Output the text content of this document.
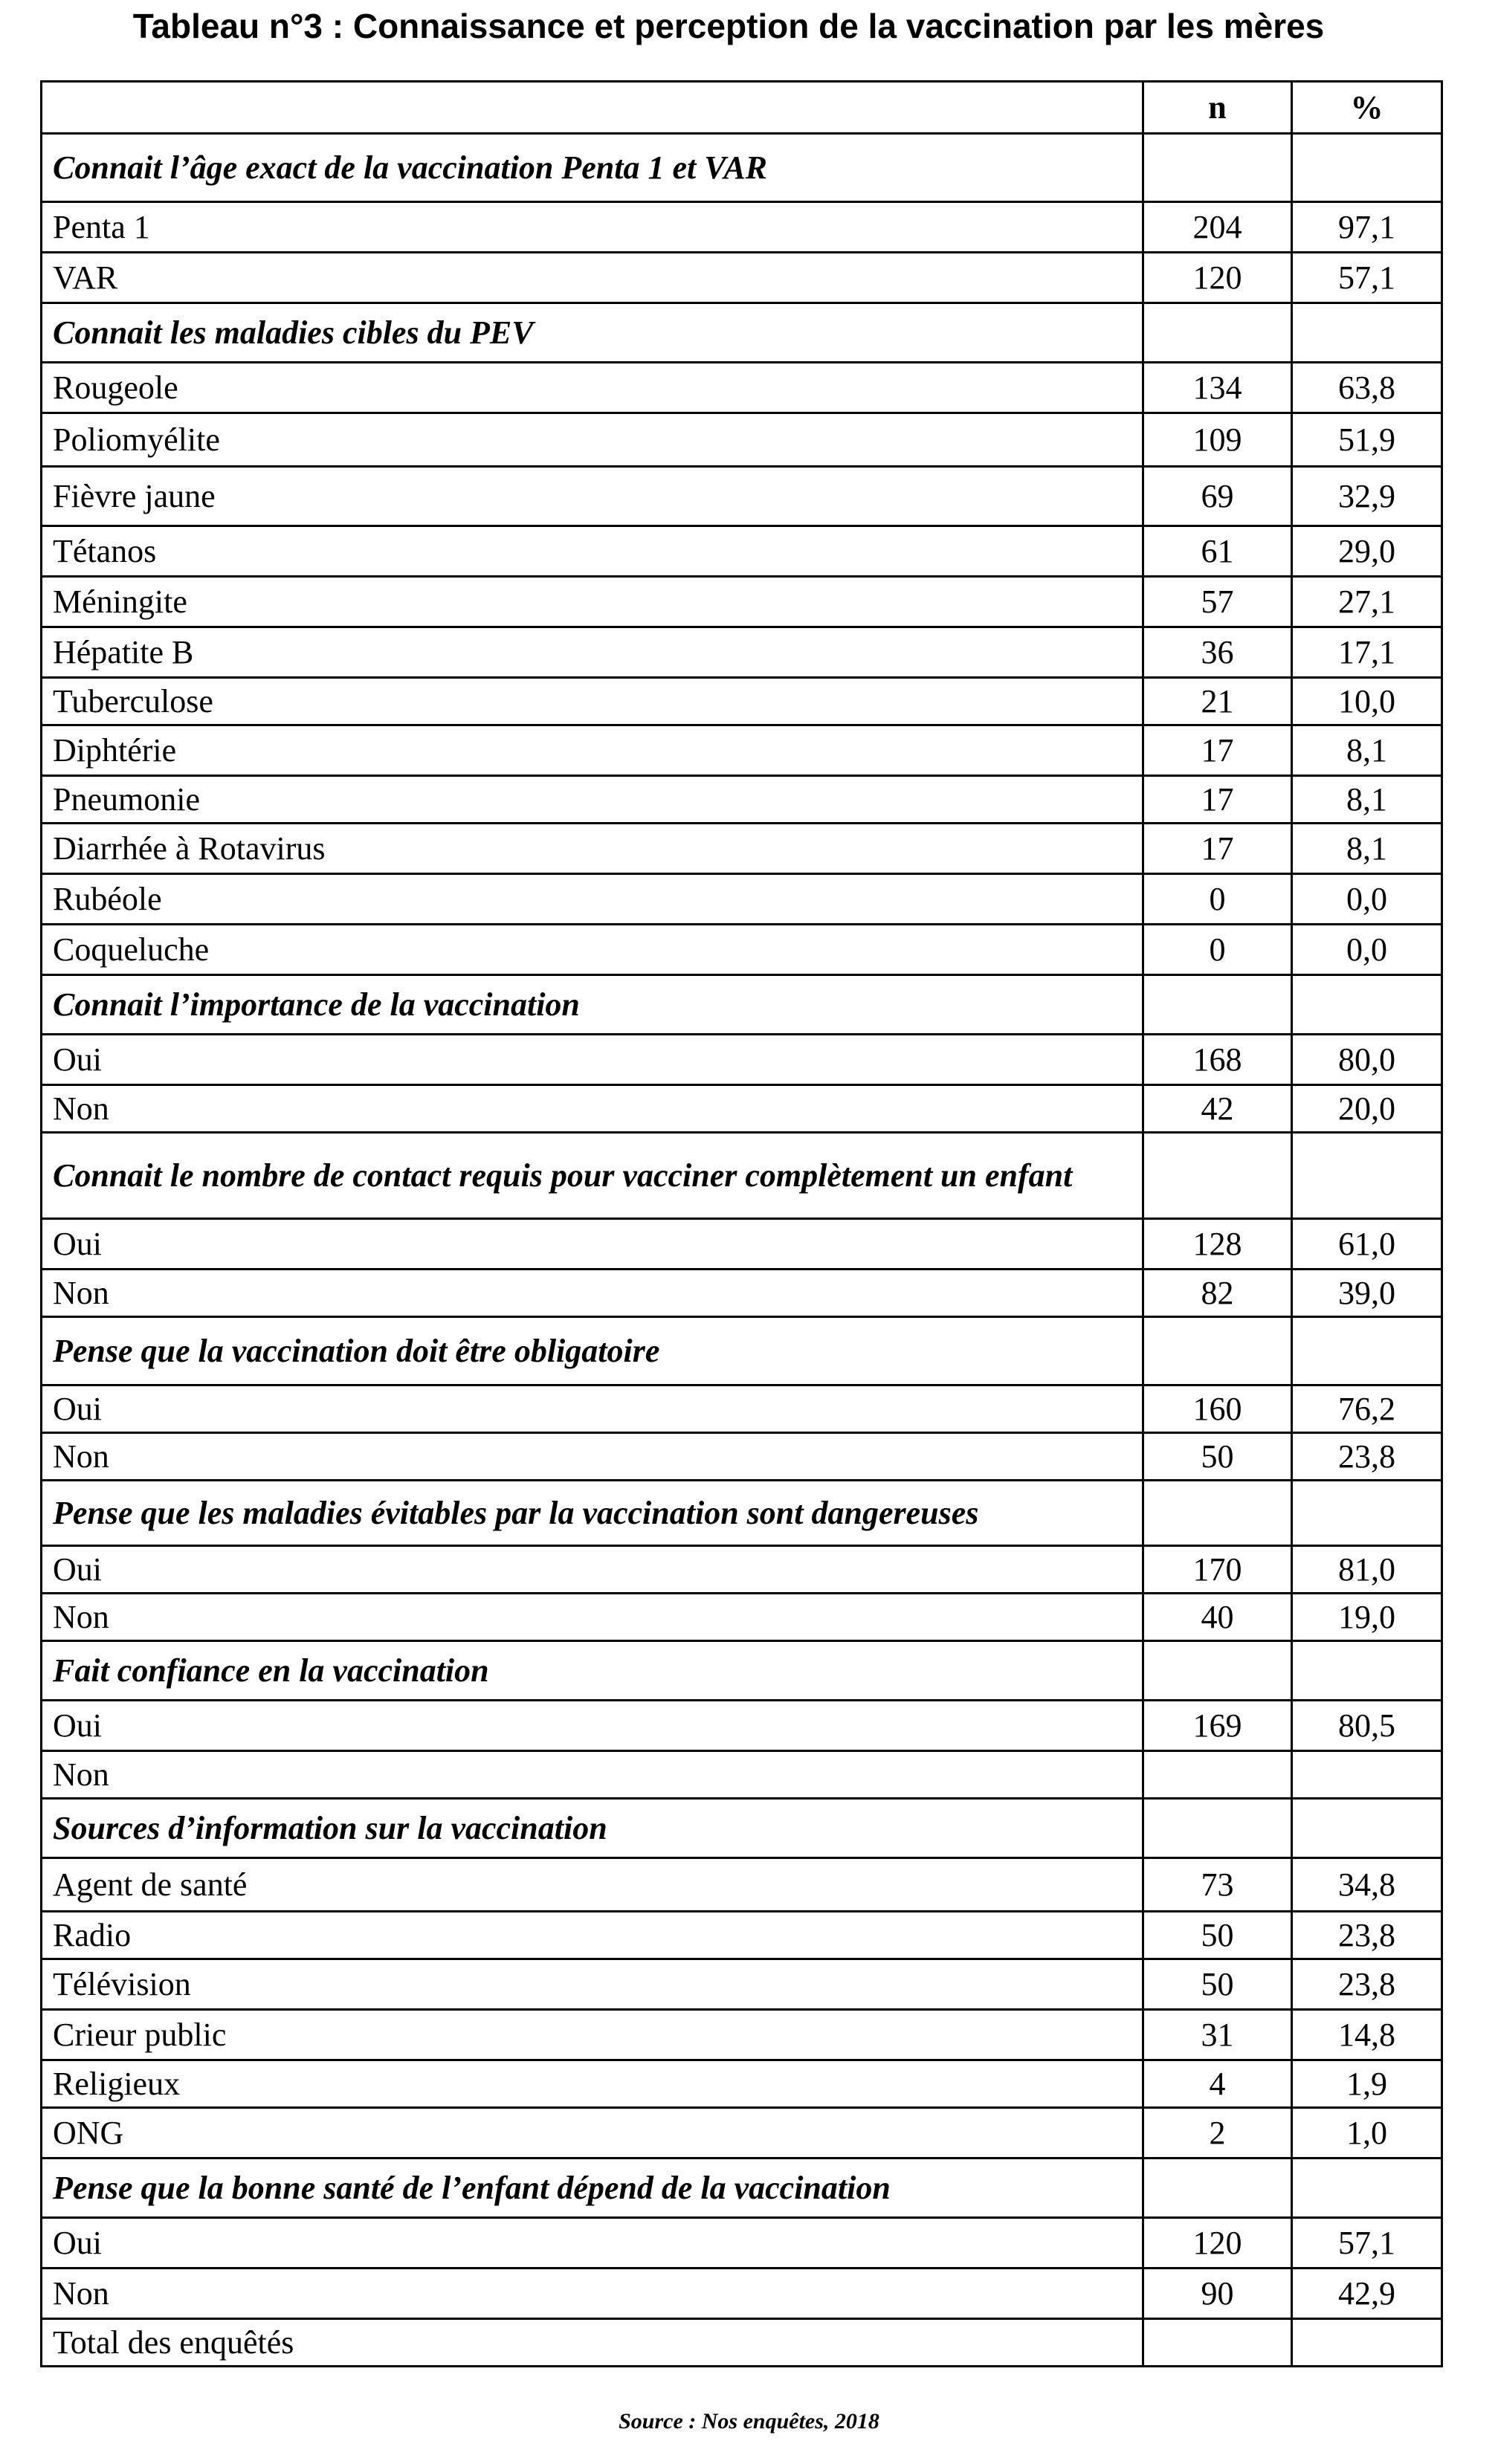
Tableau n°3 : Connaissance et perception de la vaccination par les mères
	n	%
Connait l’âge exact de la vaccination Penta 1 et VAR		
Penta 1	204	97,1
VAR	120	57,1
Connait les maladies cibles du PEV		
Rougeole	134	63,8
Poliomyélite	109	51,9
Fièvre jaune	69	32,9
Tétanos	61	29,0
Méningite	57	27,1
Hépatite B	36	17,1
Tuberculose	21	10,0
Diphtérie	17	8,1
Pneumonie	17	8,1
Diarrhée à Rotavirus	17	8,1
Rubéole	0	0,0
Coqueluche	0	0,0
Connait l’importance de la vaccination		
Oui	168	80,0
Non	42	20,0
Connait le nombre de contact requis pour vacciner complètement un enfant		
Oui	128	61,0
Non	82	39,0
Pense que la vaccination doit être obligatoire		
Oui	160	76,2
Non	50	23,8
Pense que les maladies évitables par la vaccination sont dangereuses		
Oui	170	81,0
Non	40	19,0
Fait confiance en la vaccination		
Oui	169	80,5
Non		
Sources d’information sur la vaccination		
Agent de santé	73	34,8
Radio	50	23,8
Télévision	50	23,8
Crieur public	31	14,8
Religieux	4	1,9
ONG	2	1,0
Pense que la bonne santé de l’enfant dépend de la vaccination		
Oui	120	57,1
Non	90	42,9
Total des enquêtés		
Source : Nos enquêtes, 2018
